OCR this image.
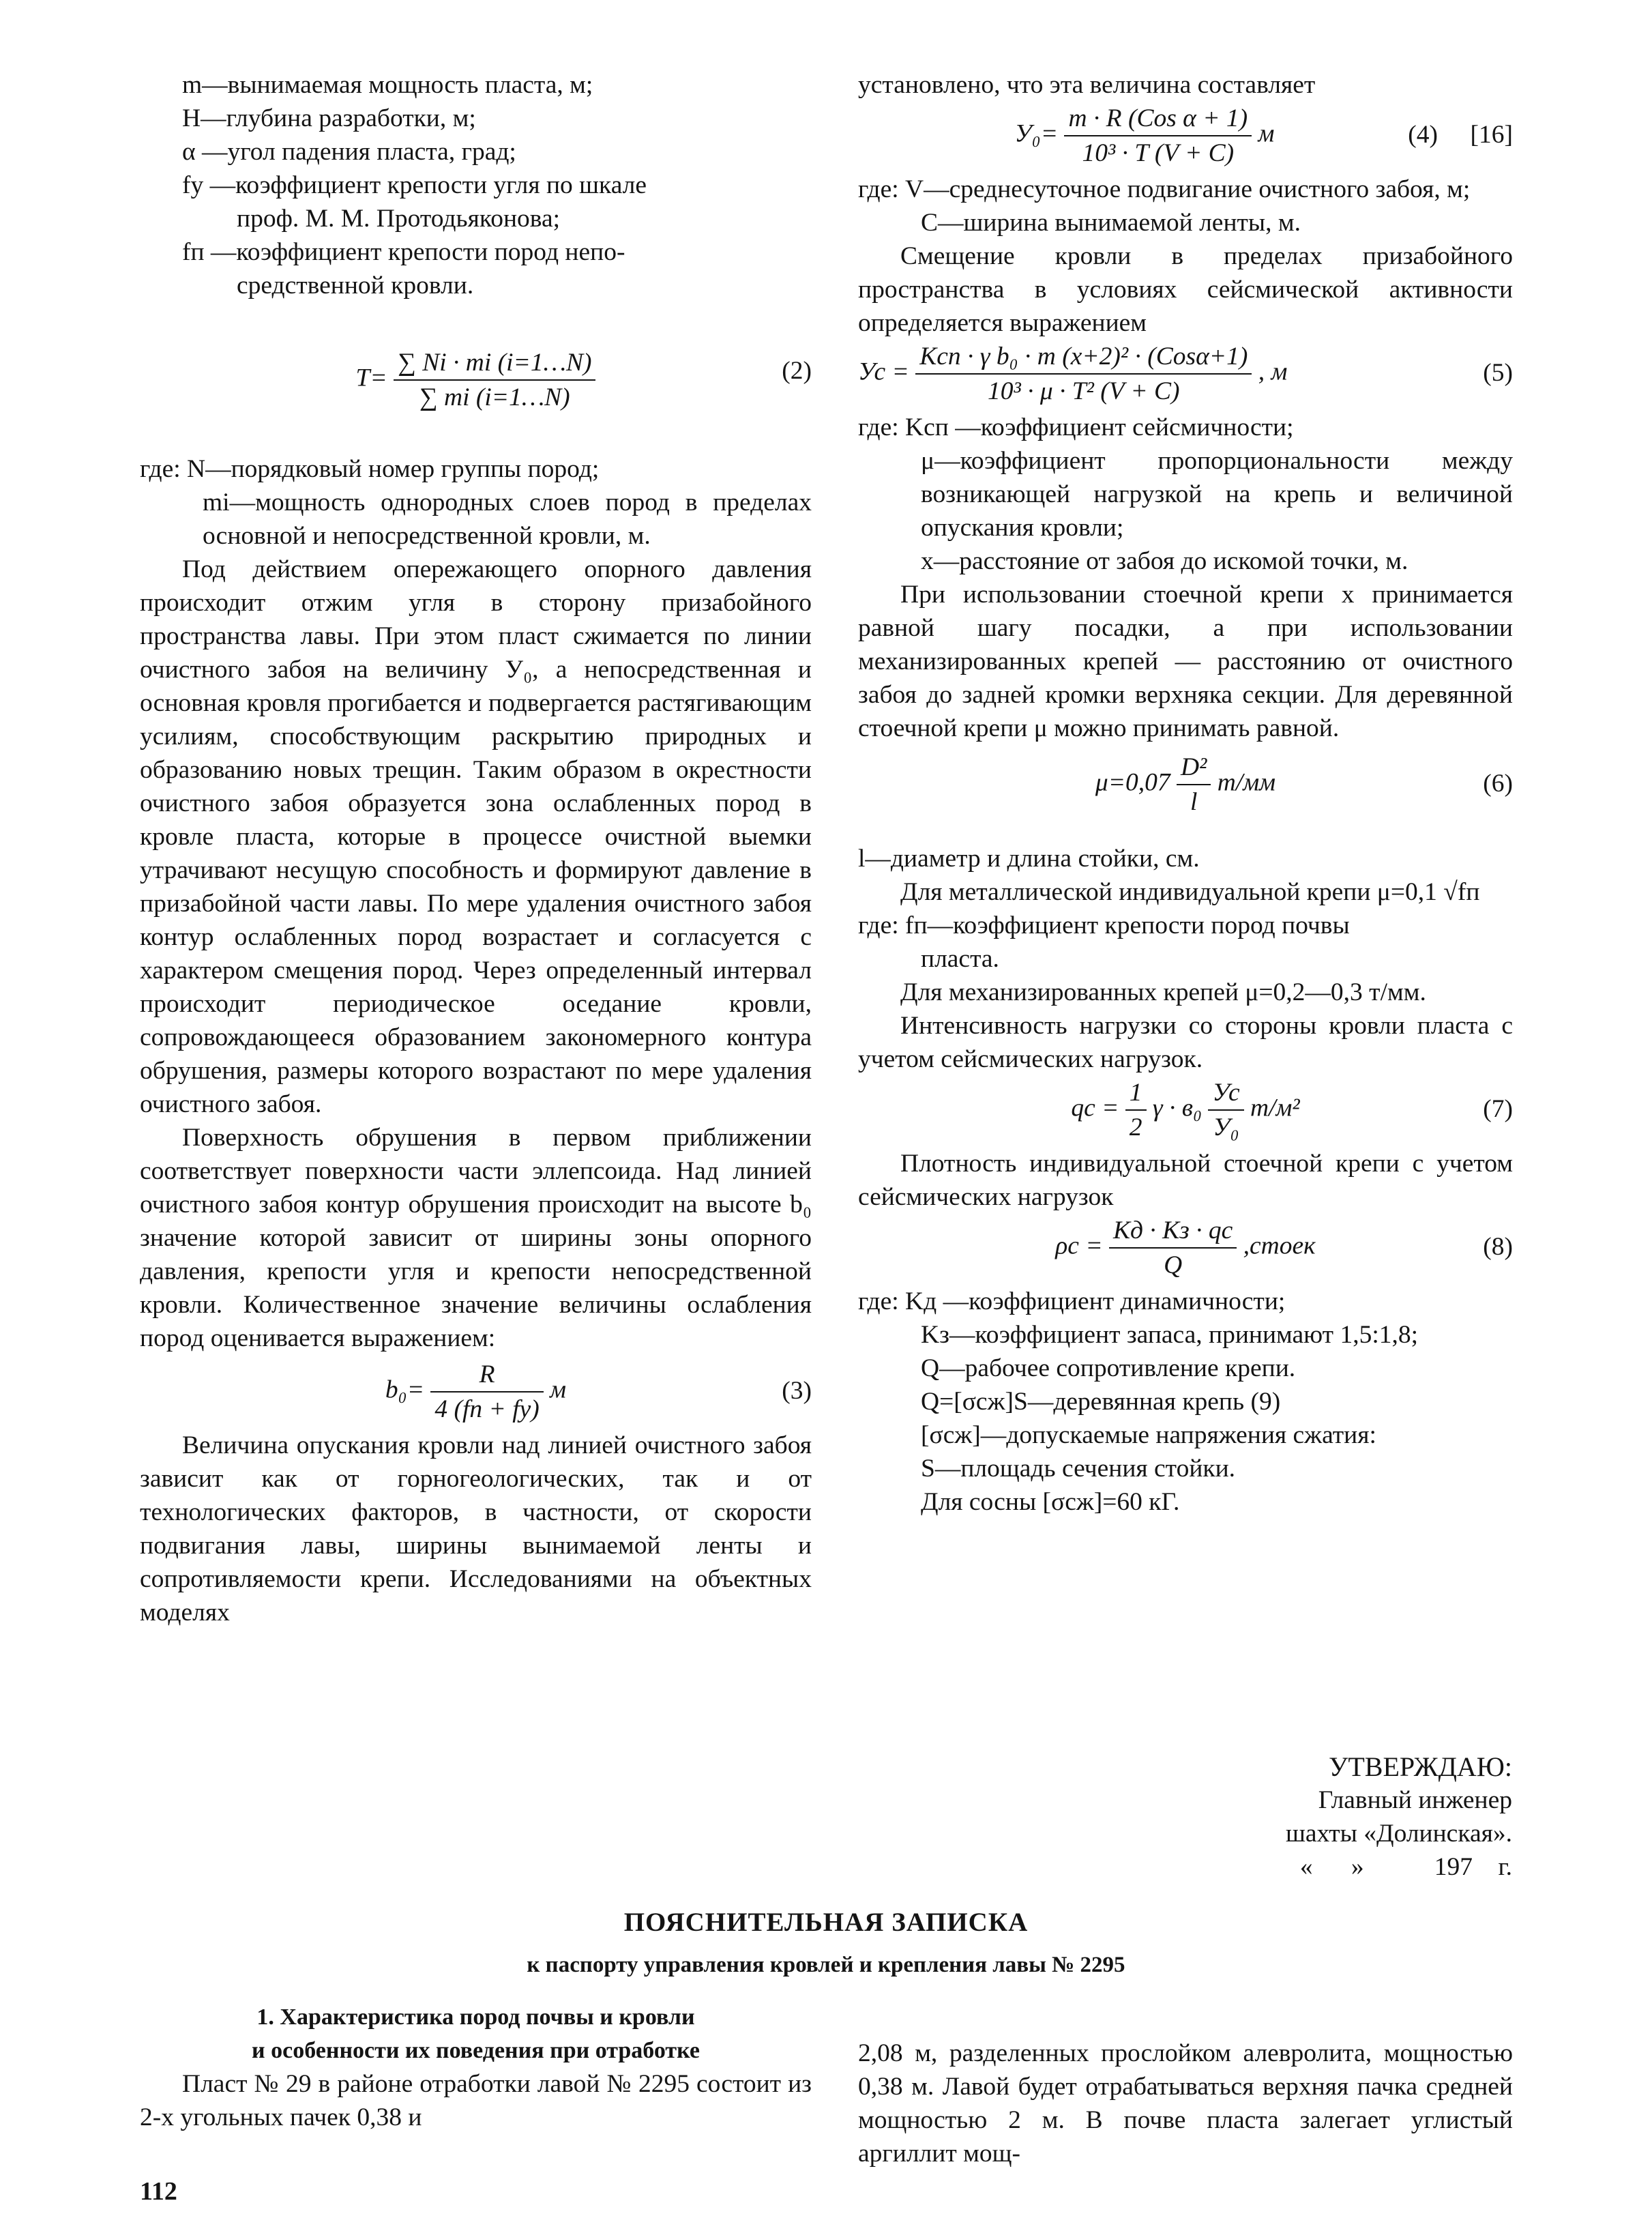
m—вынимаемая мощность пласта, м;

H—глубина разработки, м;

α —угол падения пласта, град;

fу —коэффициент крепости угля по шкале

проф. М. М. Протодьяконова;

fп —коэффициент крепости пород непо-

средственной кровли.

$T= \frac{\sum Ni \cdot mi (i=1\dots N)}{\sum mi (i=1\dots N)}$	(2)

где: N—порядковый номер группы пород;

mi—мощность однородных слоев пород в пределах основной и непосредственной кровли, м.

Под действием опережающего опорного давления происходит отжим угля в сторону призабойного пространства лавы. При этом пласт сжимается по линии очистного забоя на величину У₀, а непосредственная и основная кровля прогибается и подвергается растягивающим усилиям, способствующим раскрытию природных и образованию новых трещин. Таким образом в окрестности очистного забоя образуется зона ослабленных пород в кровле пласта, которые в процессе очистной выемки утрачивают несущую способность и формируют давление в призабойной части лавы. По мере удаления очистного забоя контур ослабленных пород возрастает и согласуется с характером смещения пород. Через определенный интервал происходит периодическое оседание кровли, сопровождающееся образованием закономерного контура обрушения, размеры которого возрастают по мере удаления очистного забоя.

Поверхность обрушения в первом приближении соответствует поверхности части эллепсоида. Над линией очистного забоя контур обрушения происходит на высоте b₀ значение которой зависит от ширины зоны опорного давления, крепости угля и крепости непосредственной кровли. Количественное значение величины ослабления пород оценивается выражением:

$b_0= \frac{R}{4 (fп + fу)}$ м	(3)

Величина опускания кровли над линией очистного забоя зависит как от горногеологических, так и от технологических факторов, в частности, от скорости подвигания лавы, ширины вынимаемой ленты и сопротивляемости крепи. Исследованиями на объектных моделях

установлено, что эта величина составляет

$У_0= \frac{\text{m · R (Cos α + 1)}}{\text{10³ · T (V + C)}}$ м	(4) [16]

где: V—среднесуточное подвигание очистного забоя, м;

C—ширина вынимаемой ленты, м.

Смещение кровли в пределах призабойного пространства в условиях сейсмической активности определяется выражением

Ус = $\frac{\text{Kсп · γ b₀ · m (x+2)² · (Cosα+1)}}{\text{10³ · μ · T² (V + C)}}$ , м	(5)

где: Kсп —коэффициент сейсмичности;

μ—коэффициент пропорциональности между возникающей нагрузкой на крепь и величиной опускания кровли;

x—расстояние от забоя до искомой точки, м.

При использовании стоечной крепи x принимается равной шагу посадки, а при использовании механизированных крепей — расстоянию от очистного забоя до задней кромки верхняка секции. Для деревянной стоечной крепи μ можно принимать равной.

$\mu=0,07 \frac{\text{D²}}{l} т/мм$	(6)

l—диаметр и длина стойки, см.

Для металлической индивидуальной крепи μ=0,1 √fп

где: fп—коэффициент крепости пород почвы

пласта.

Для механизированных крепей μ=0,2—0,3 т/мм.

Интенсивность нагрузки со стороны кровли пласта с учетом сейсмических нагрузок.

qс = $\frac{1}{2}$ $\gamma \cdot в_0 \frac{Ус}{\text{У₀}} т/м^2$	(7)

Плотность индивидуальной стоечной крепи с учетом сейсмических нагрузок

$\rho с = \frac{Kд \cdot Kз \cdot qс}{Q}$ ,стоек	(8)

где: Kд —коэффициент динамичности;

Kз—коэффициент запаса, принимают 1,5:1,8;

Q—рабочее сопротивление крепи.

Q=[σсж]S—деревянная крепь (9)

[σсж]—допускаемые напряжения сжатия:

S—площадь сечения стойки.

Для сосны [σсж]=60 кГ.

УТВЕРЖДАЮ:
Главный инженер
шахты «Долинская».
«      »           197    г.
ПОЯСНИТЕЛЬНАЯ ЗАПИСКА
к паспорту управления кровлей и крепления лавы № 2295

1. Характеристика пород почвы и кровли

и особенности их поведения при отработке

Пласт № 29 в районе отработки лавой № 2295 состоит из 2-х угольных пачек 0,38 и

2,08 м, разделенных прослойком алевролита, мощностью 0,38 м. Лавой будет отрабатываться верхняя пачка средней мощностью 2 м. В почве пласта залегает углистый аргиллит мощ-

112
